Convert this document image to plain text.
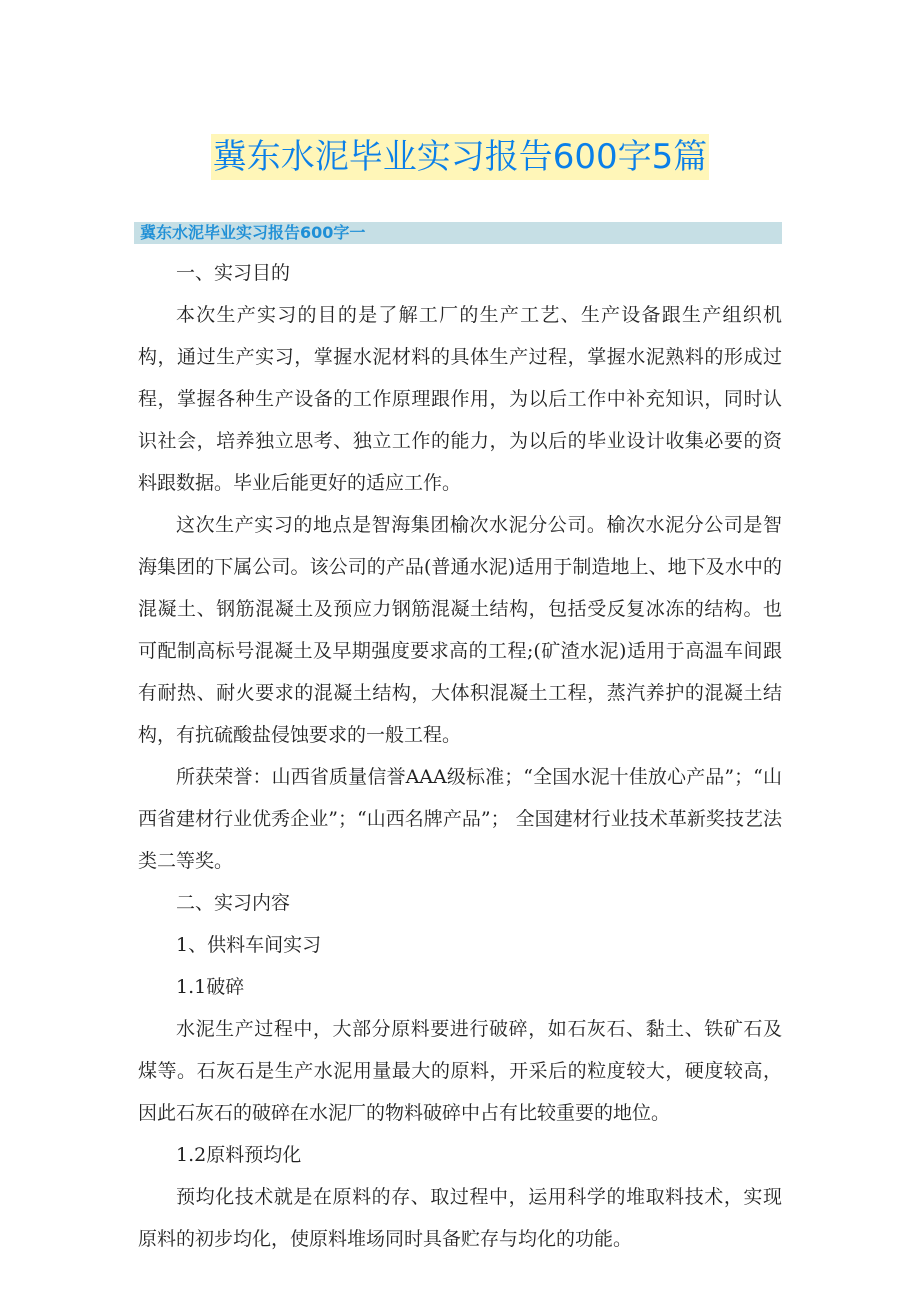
冀东水泥毕业实习报告600字5篇
冀东水泥毕业实习报告600字一

一、实习目的

本次生产实习的目的是了解工厂的生产工艺、生产设备跟生产组织机构，通过生产实习，掌握水泥材料的具体生产过程，掌握水泥熟料的形成过程，掌握各种生产设备的工作原理跟作用，为以后工作中补充知识，同时认识社会，培养独立思考、独立工作的能力，为以后的毕业设计收集必要的资料跟数据。毕业后能更好的适应工作。

这次生产实习的地点是智海集团榆次水泥分公司。榆次水泥分公司是智海集团的下属公司。该公司的产品(普通水泥)适用于制造地上、地下及水中的混凝土、钢筋混凝土及预应力钢筋混凝土结构，包括受反复冰冻的结构。也可配制高标号混凝土及早期强度要求高的工程;(矿渣水泥)适用于高温车间跟有耐热、耐火要求的混凝土结构，大体积混凝土工程，蒸汽养护的混凝土结构，有抗硫酸盐侵蚀要求的一般工程。

所获荣誉：山西省质量信誉AAA级标准；“全国水泥十佳放心产品”；“山西省建材行业优秀企业”；“山西名牌产品”； 全国建材行业技术革新奖技艺法类二等奖。

二、实习内容

1、供料车间实习

1.1破碎

水泥生产过程中，大部分原料要进行破碎，如石灰石、黏土、铁矿石及煤等。石灰石是生产水泥用量最大的原料，开采后的粒度较大，硬度较高，因此石灰石的破碎在水泥厂的物料破碎中占有比较重要的地位。

1.2原料预均化

预均化技术就是在原料的存、取过程中，运用科学的堆取料技术，实现原料的初步均化，使原料堆场同时具备贮存与均化的功能。
